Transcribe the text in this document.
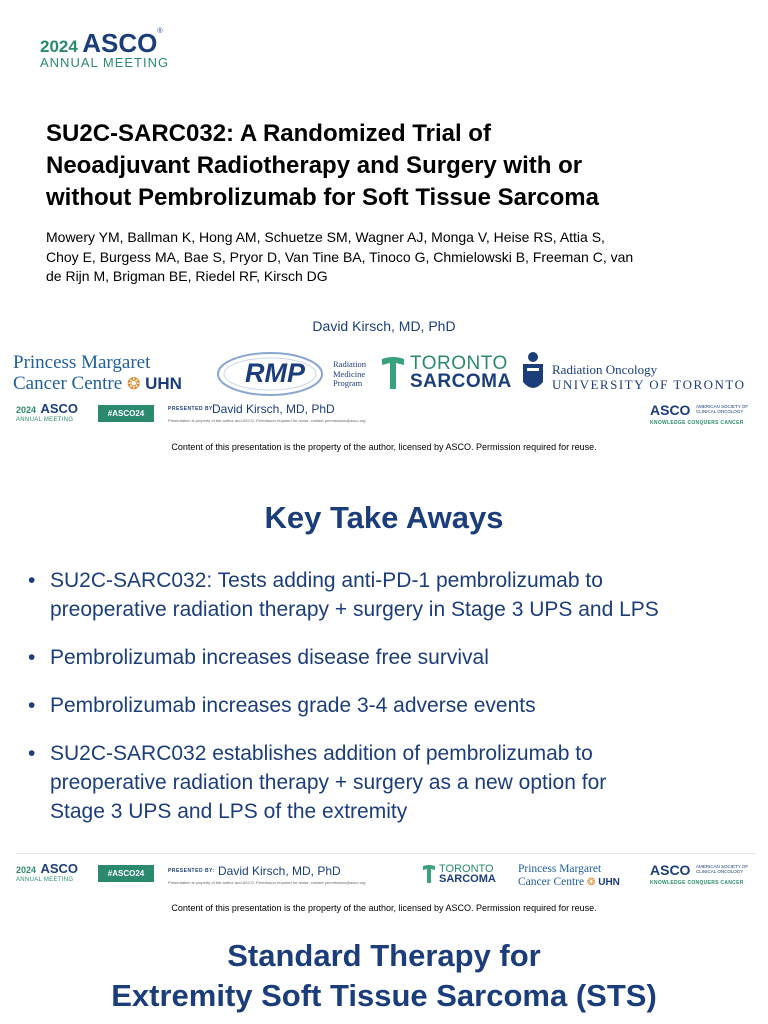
2024 ASCO®
ANNUAL MEETING
SU2C-SARC032: A Randomized Trial of
Neoadjuvant Radiotherapy and Surgery with or
without Pembrolizumab for Soft Tissue Sarcoma
Mowery YM, Ballman K, Hong AM, Schuetze SM, Wagner AJ, Monga V, Heise RS, Attia S,
Choy E, Burgess MA, Bae S, Pryor D, Van Tine BA, Tinoco G, Chmielowski B, Freeman C, van
de Rijn M, Brigman BE, Riedel RF, Kirsch DG
David Kirsch, MD, PhD
Princess Margaret
Cancer Centre ❂ UHN RMP	Radiation
Medicine
Program
TORONTO
SARCOMA
Radiation Oncology
UNIVERSITY OF TORONTO
2024 ASCO
ANNUAL MEETING
#ASCO24	PRESENTED BY:
David Kirsch, MD, PhD
Presentation is property of the author and ASCO. Permission required for reuse; contact permissions@asco.org
ASCO AMERICAN SOCIETY OF
CLINICAL ONCOLOGY
KNOWLEDGE CONQUERS CANCER
Content of this presentation is the property of the author, licensed by ASCO. Permission required for reuse.
Key Take Aways
• SU2C-SARC032: Tests adding anti-PD-1 pembrolizumab to
preoperative radiation therapy + surgery in Stage 3 UPS and LPS
• Pembrolizumab increases disease free survival
• Pembrolizumab increases grade 3-4 adverse events
• SU2C-SARC032 establishes addition of pembrolizumab to
preoperative radiation therapy + surgery as a new option for
Stage 3 UPS and LPS of the extremity
2024 ASCO
ANNUAL MEETING
#ASCO24	PRESENTED BY: David Kirsch, MD, PhD
Presentation is property of the author and ASCO. Permission required for reuse; contact permissions@asco.org
TORONTO
SARCOMA
Princess Margaret
Cancer Centre ❂ UHN
ASCO AMERICAN SOCIETY OF
CLINICAL ONCOLOGY
KNOWLEDGE CONQUERS CANCER
Content of this presentation is the property of the author, licensed by ASCO. Permission required for reuse.
Standard Therapy for
Extremity Soft Tissue Sarcoma (STS)
